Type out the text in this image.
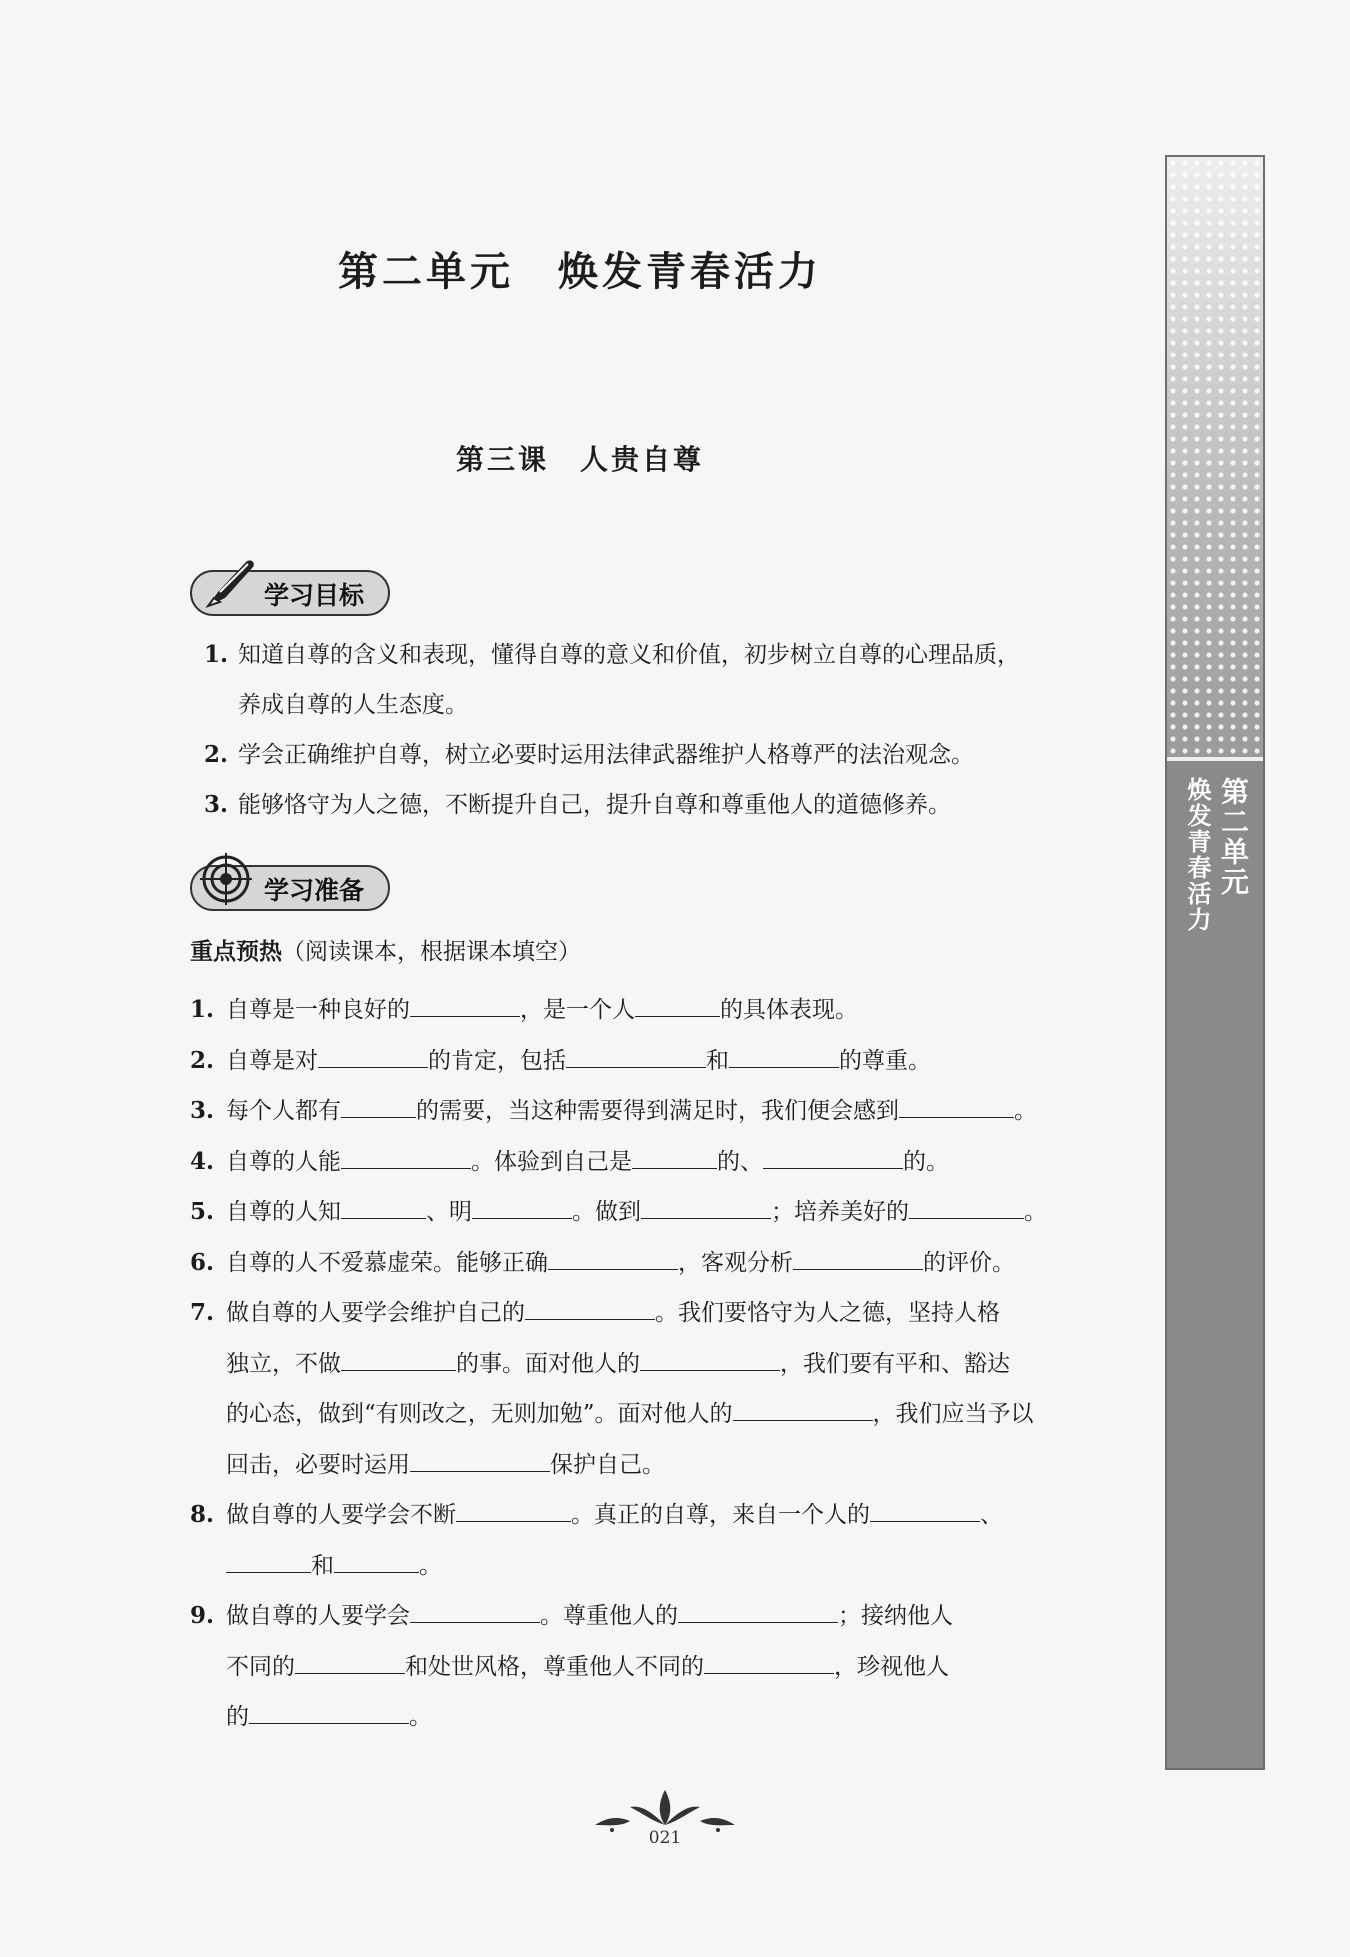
第二单元
焕发青春活力
第二单元　焕发青春活力
第三课　人贵自尊
学习目标
1. 知道自尊的含义和表现，懂得自尊的意义和价值，初步树立自尊的心理品质，
养成自尊的人生态度。
2. 学会正确维护自尊，树立必要时运用法律武器维护人格尊严的法治观念。
3. 能够恪守为人之德，不断提升自己，提升自尊和尊重他人的道德修养。
学习准备
重点预热（阅读课本，根据课本填空）
1. 自尊是一种良好的	，是一个人	的具体表现。
2. 自尊是对	的肯定，包括	和	的尊重。
3. 每个人都有	的需要，当这种需要得到满足时，我们便会感到	。
4. 自尊的人能	。体验到自己是	的、	的。
5. 自尊的人知	、明	。做到	；培养美好的	。
6. 自尊的人不爱慕虚荣。能够正确	，客观分析	的评价。
7. 做自尊的人要学会维护自己的	。我们要恪守为人之德，坚持人格
独立，不做	的事。面对他人的	，我们要有平和、豁达
的心态，做到“有则改之，无则加勉”。面对他人的	，我们应当予以
回击，必要时运用	保护自己。
8. 做自尊的人要学会不断	。真正的自尊，来自一个人的	、
和	。
9. 做自尊的人要学会	。尊重他人的	；接纳他人
不同的	和处世风格，尊重他人不同的	，珍视他人
的	。
021
